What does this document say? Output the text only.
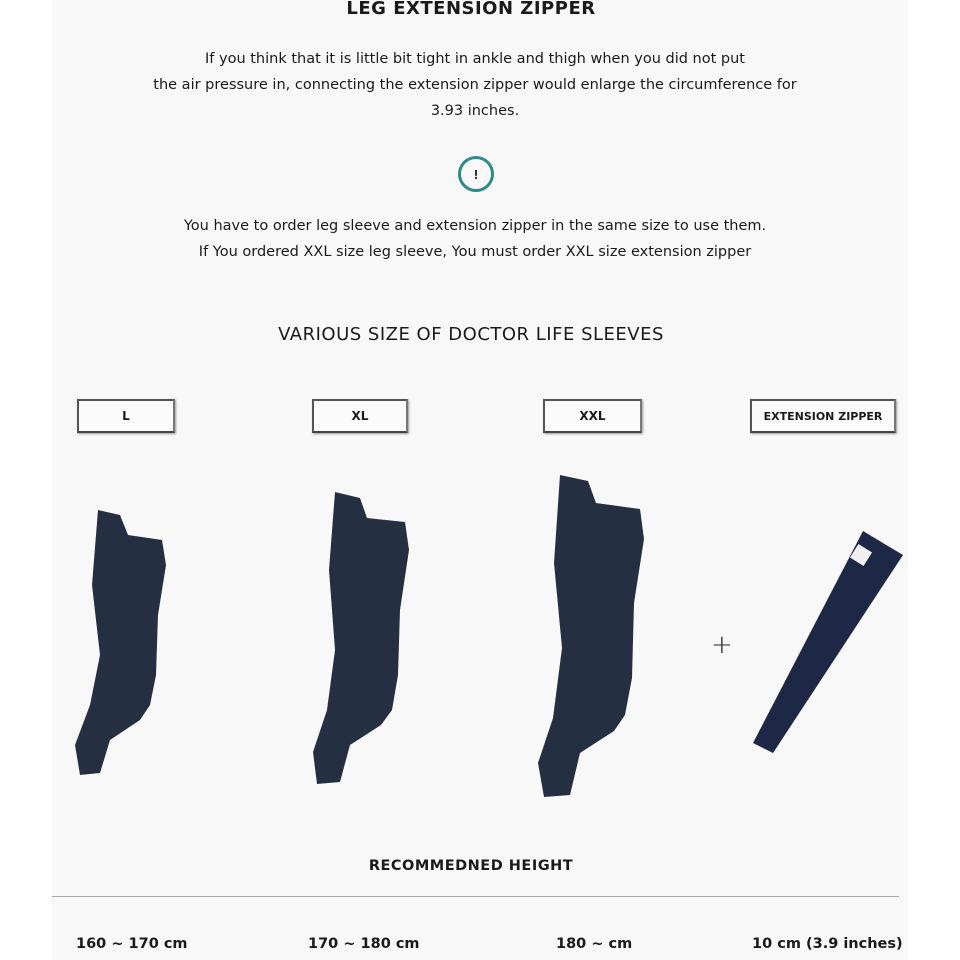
LEG EXTENSION ZIPPER
If you think that it is little bit tight in ankle and thigh when you did not put
the air pressure in, connecting the extension zipper would enlarge the circumference for
3.93 inches.
!
You have to order leg sleeve and extension zipper in the same size to use them.
If You ordered XXL size leg sleeve, You must order XXL size extension zipper
VARIOUS SIZE OF DOCTOR LIFE SLEEVES
L	XL	XXL	EXTENSION ZIPPER
+
RECOMMEDNED HEIGHT
160 ~ 170 cm	170 ~ 180 cm	180 ~ cm	10 cm (3.9 inches)
